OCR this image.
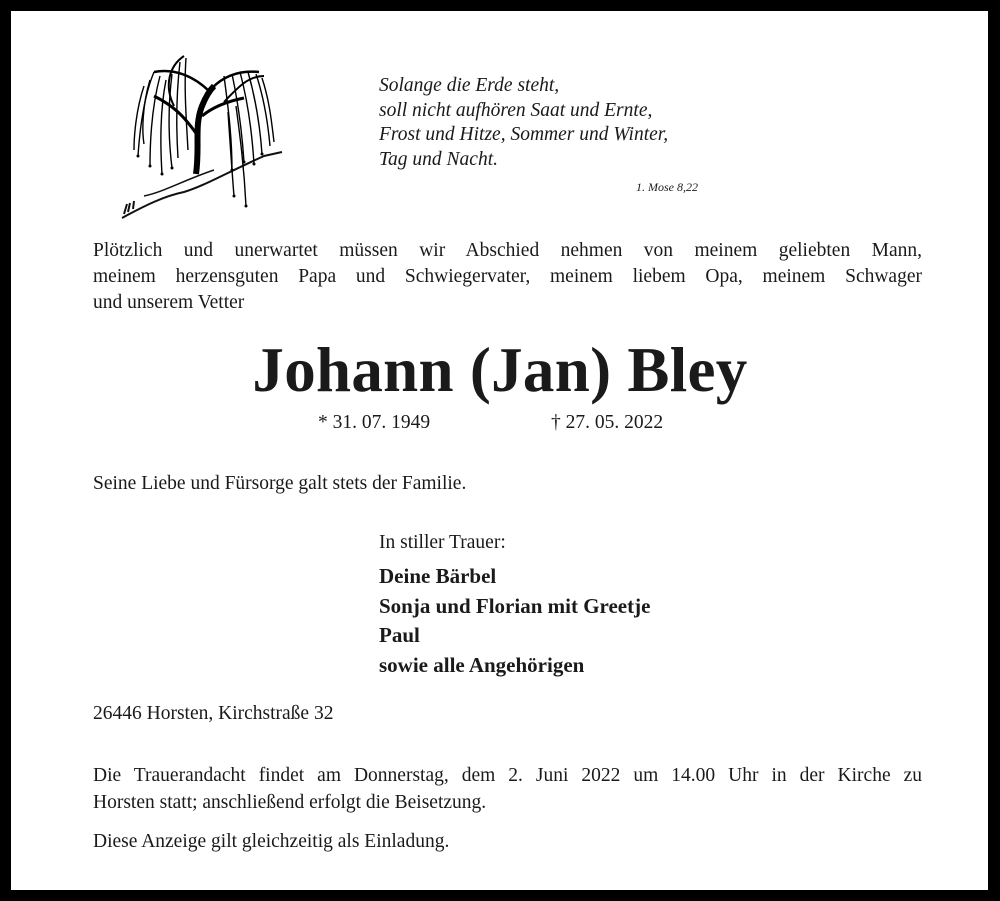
Solange die Erde steht,
soll nicht aufhören Saat und Ernte,
Frost und Hitze, Sommer und Winter,
Tag und Nacht.
1. Mose 8,22
Plötzlich und unerwartet müssen wir Abschied nehmen von meinem geliebten Mann,
meinem herzensguten Papa und Schwiegervater, meinem liebem Opa, meinem Schwager
und unserem Vetter
Johann (Jan) Bley
* 31. 07. 1949	† 27. 05. 2022
Seine Liebe und Fürsorge galt stets der Familie.
In stiller Trauer:
Deine Bärbel
Sonja und Florian mit Greetje
Paul
sowie alle Angehörigen
26446 Horsten, Kirchstraße 32
Die Trauerandacht findet am Donnerstag, dem 2. Juni 2022 um 14.00 Uhr in der Kirche zu
Horsten statt; anschließend erfolgt die Beisetzung.
Diese Anzeige gilt gleichzeitig als Einladung.
